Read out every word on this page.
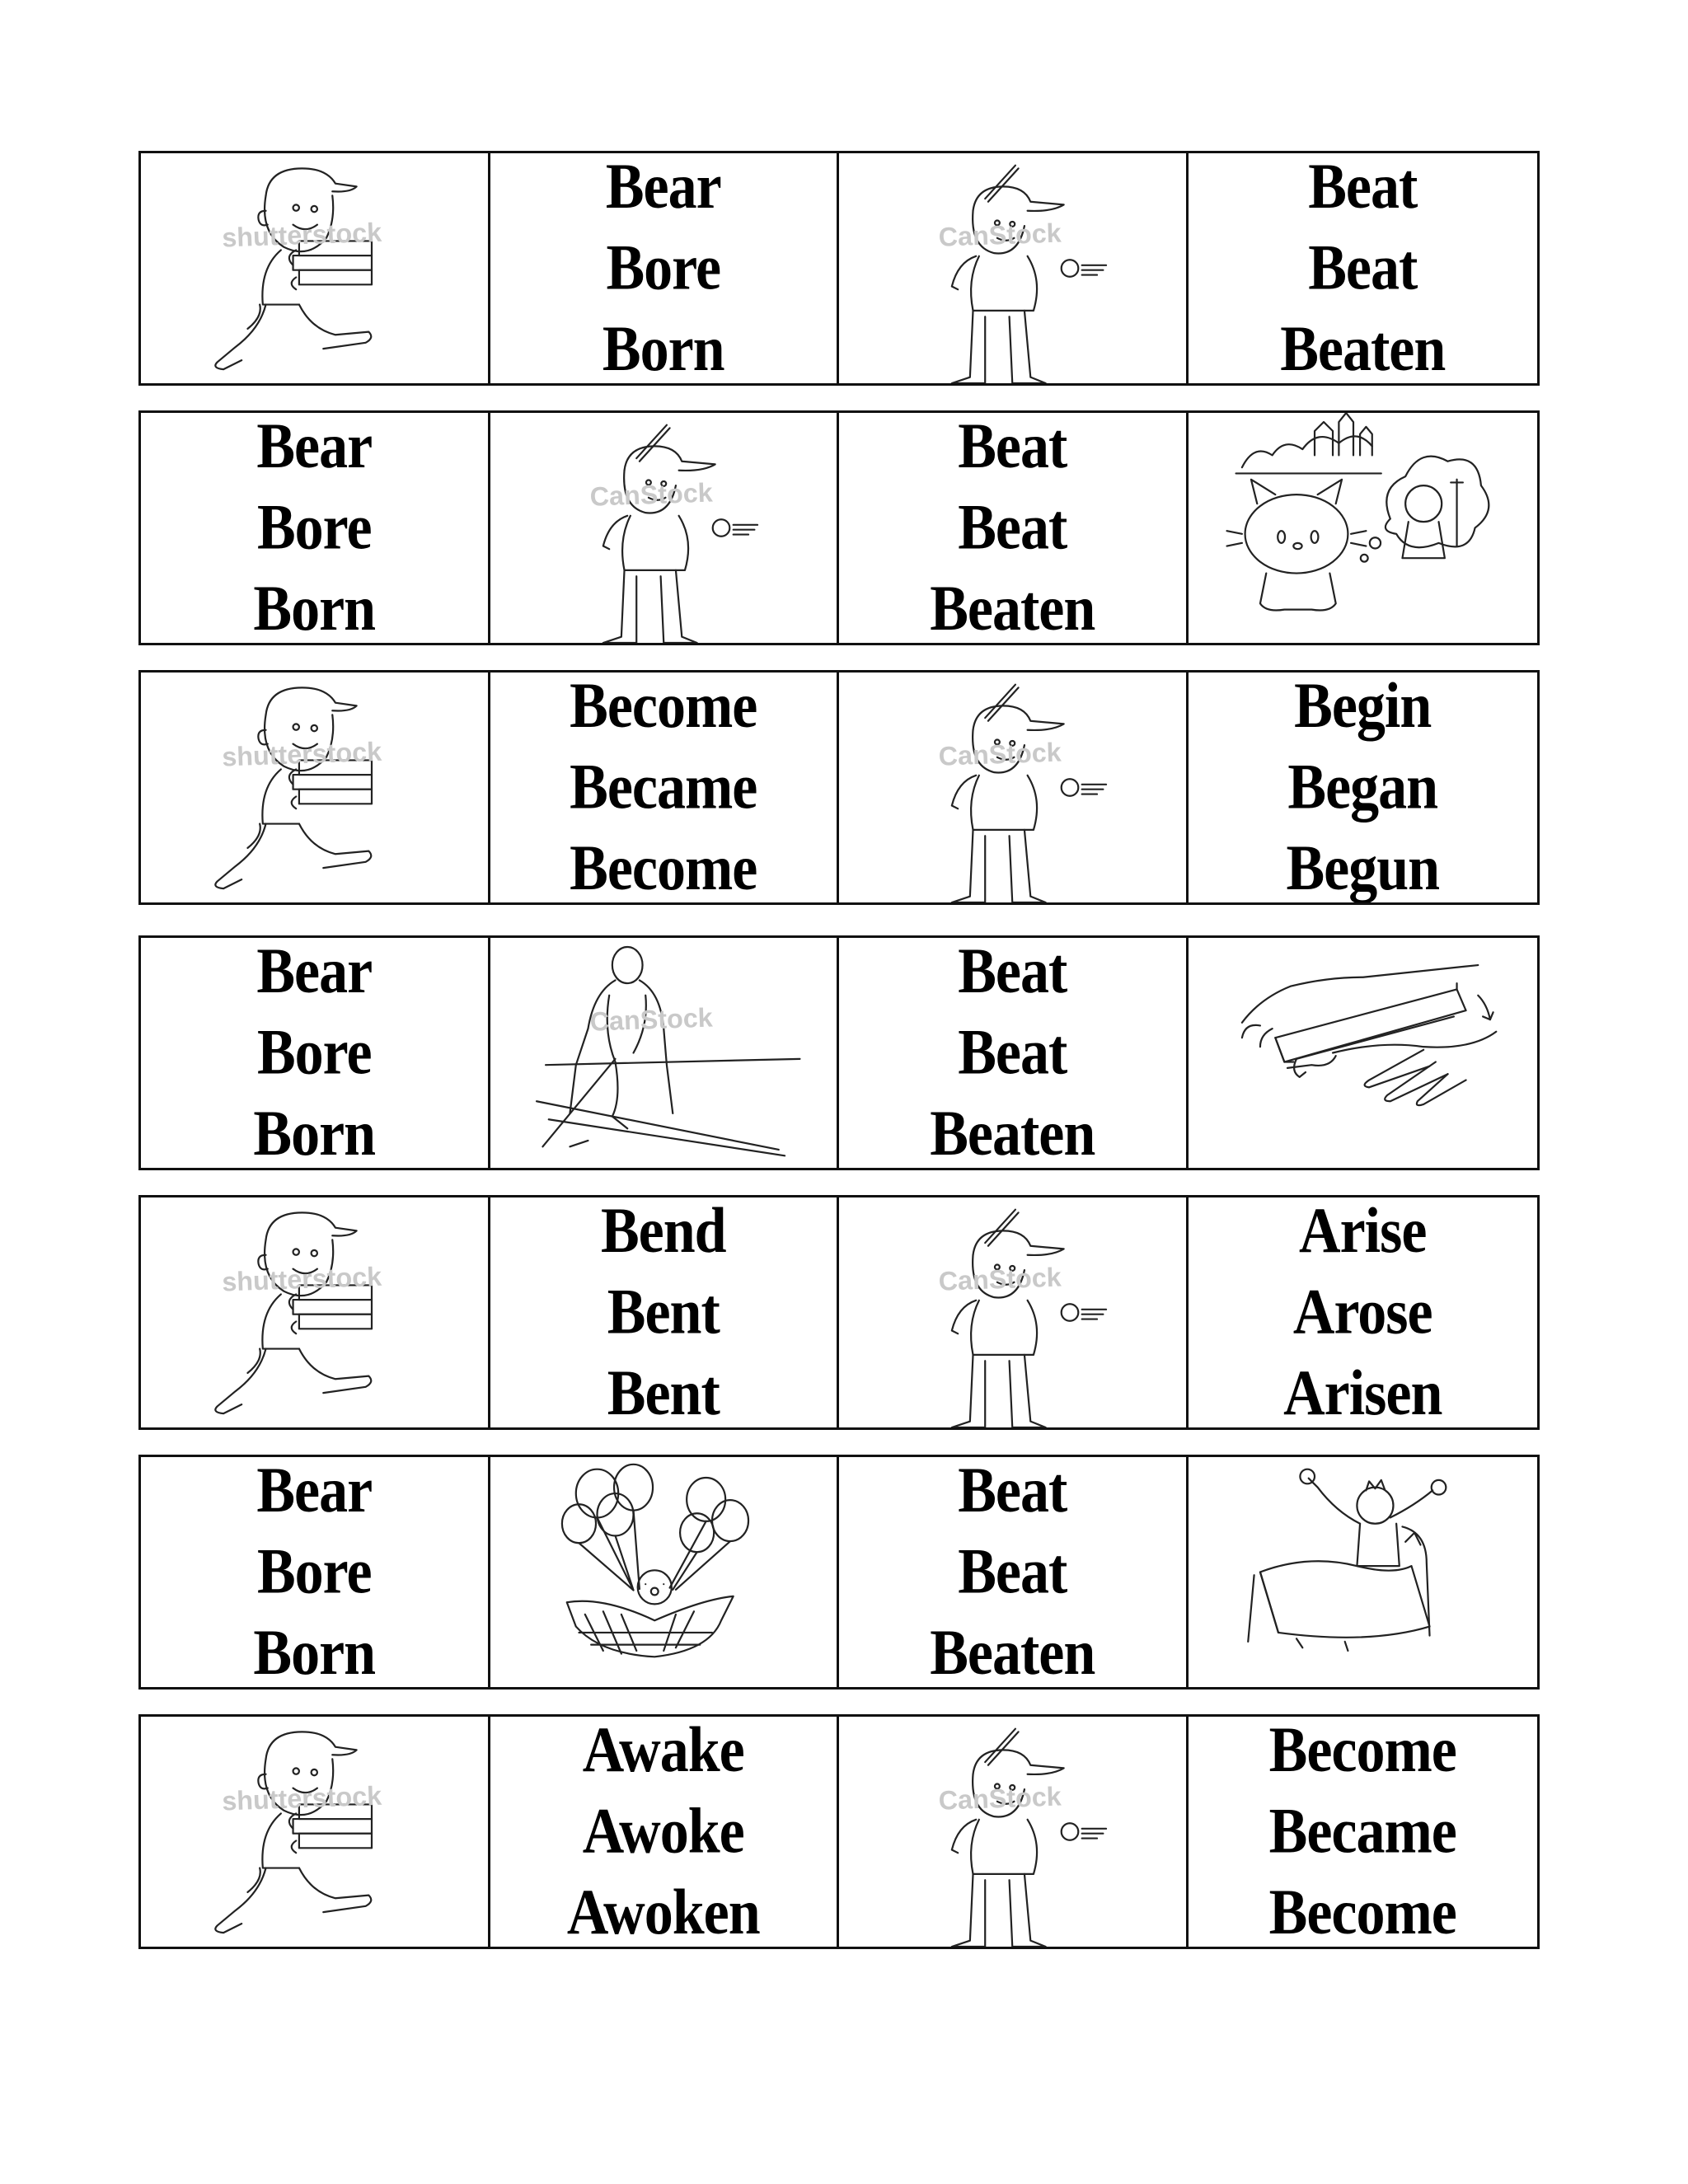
shutterstock
Bear
Bore
Born
CanStock
Beat
Beat
Beaten
Bear
Bore
Born
CanStock
Beat
Beat
Beaten
shutterstock
Become
Became
Become
CanStock
Begin
Began
Begun
Bear
Bore
Born
CanStock
Beat
Beat
Beaten
shutterstock
Bend
Bent
Bent
CanStock
Arise
Arose
Arisen
Bear
Bore
Born
Beat
Beat
Beaten
shutterstock
Awake
Awoke
Awoken
CanStock
Become
Became
Become
